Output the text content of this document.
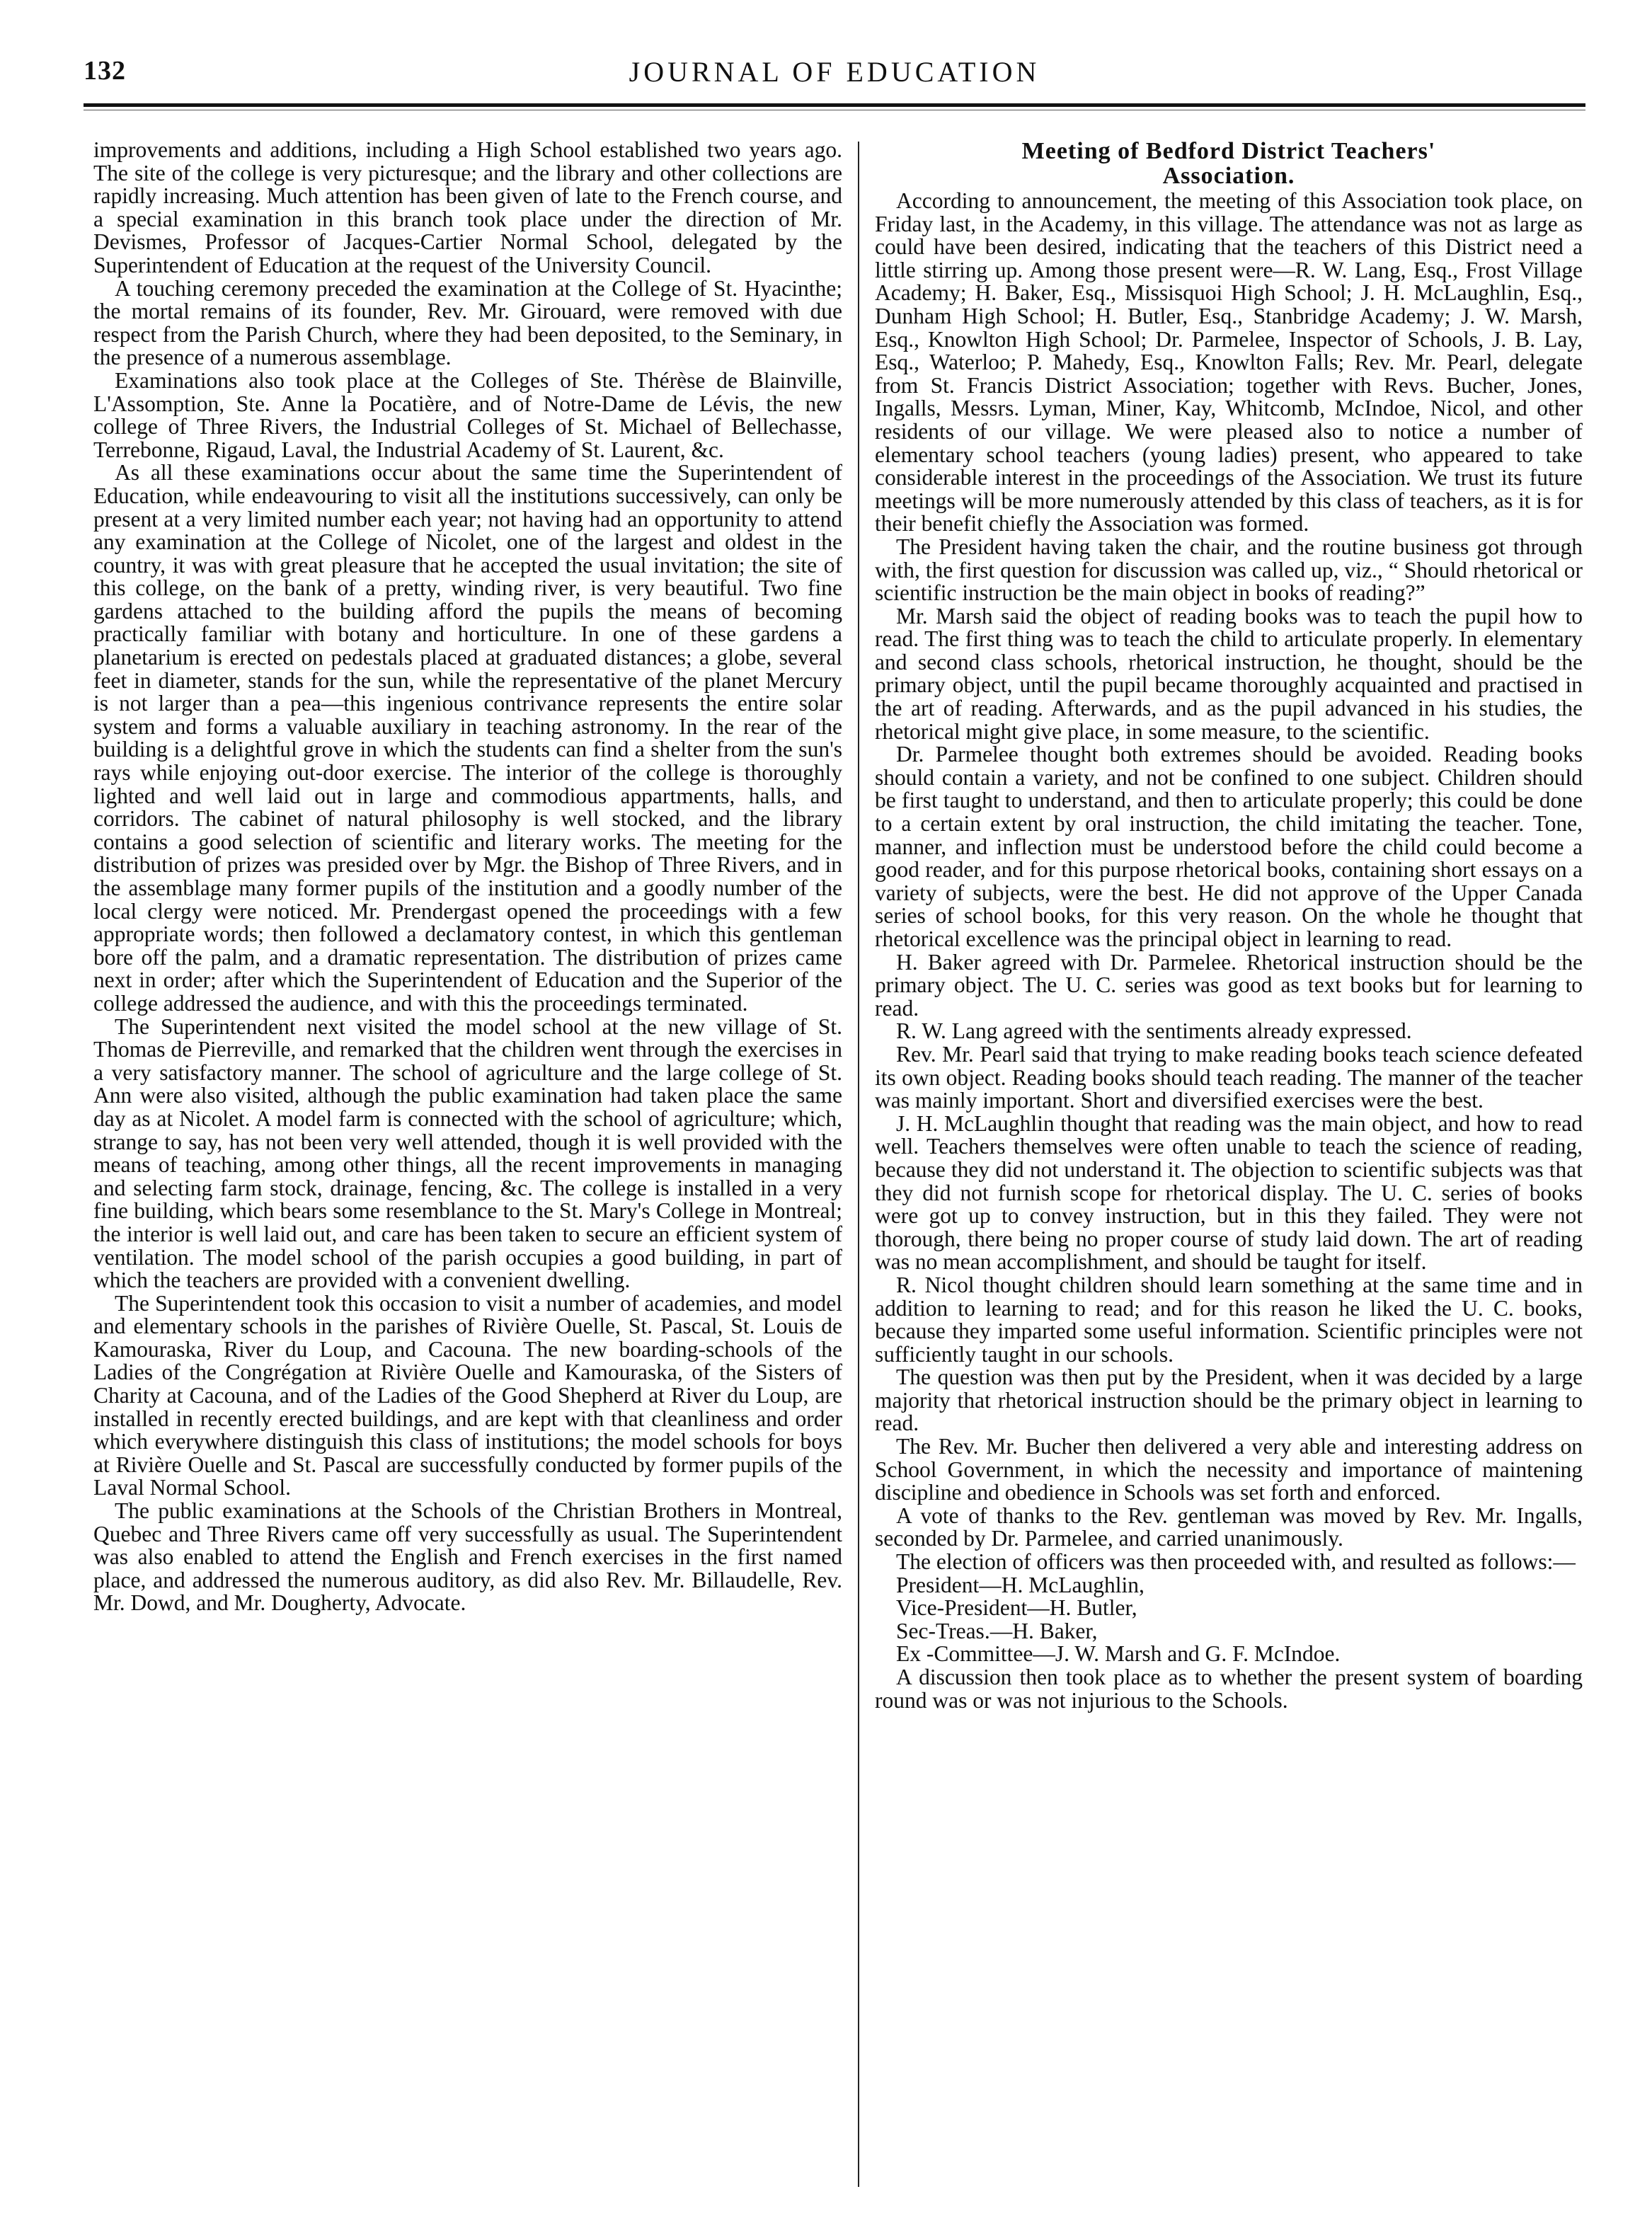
132	JOURNAL OF EDUCATION

improvements and additions, including a High School established two years ago. The site of the college is very picturesque; and the library and other collections are rapidly increasing. Much attention has been given of late to the French course, and a special examination in this branch took place under the direction of Mr. Devismes, Professor of Jacques-Cartier Normal School, delegated by the Superintendent of Education at the request of the University Council.

A touching ceremony preceded the examination at the College of St. Hyacinthe; the mortal remains of its founder, Rev. Mr. Girouard, were removed with due respect from the Parish Church, where they had been deposited, to the Seminary, in the presence of a numerous assemblage.

Examinations also took place at the Colleges of Ste. Thérèse de Blainville, L'Assomption, Ste. Anne la Pocatière, and of Notre-Dame de Lévis, the new college of Three Rivers, the Industrial Colleges of St. Michael of Bellechasse, Terrebonne, Rigaud, Laval, the Industrial Academy of St. Laurent, &c.

As all these examinations occur about the same time the Superintendent of Education, while endeavouring to visit all the institutions successively, can only be present at a very limited number each year; not having had an opportunity to attend any examination at the College of Nicolet, one of the largest and oldest in the country, it was with great pleasure that he accepted the usual invitation; the site of this college, on the bank of a pretty, winding river, is very beautiful. Two fine gardens attached to the building afford the pupils the means of becoming practically familiar with botany and horticulture. In one of these gardens a planetarium is erected on pedestals placed at graduated distances; a globe, several feet in diameter, stands for the sun, while the representative of the planet Mercury is not larger than a pea—this ingenious contrivance represents the entire solar system and forms a valuable auxiliary in teaching astronomy. In the rear of the building is a delightful grove in which the students can find a shelter from the sun's rays while enjoying out-door exercise. The interior of the college is thoroughly lighted and well laid out in large and commodious appartments, halls, and corridors. The cabinet of natural philosophy is well stocked, and the library contains a good selection of scientific and literary works. The meeting for the distribution of prizes was presided over by Mgr. the Bishop of Three Rivers, and in the assemblage many former pupils of the institution and a goodly number of the local clergy were noticed. Mr. Prendergast opened the proceedings with a few appropriate words; then followed a declamatory contest, in which this gentleman bore off the palm, and a dramatic representation. The distribution of prizes came next in order; after which the Superintendent of Education and the Superior of the college addressed the audience, and with this the proceedings terminated.

The Superintendent next visited the model school at the new village of St. Thomas de Pierreville, and remarked that the children went through the exercises in a very satisfactory manner. The school of agriculture and the large college of St. Ann were also visited, although the public examination had taken place the same day as at Nicolet. A model farm is connected with the school of agriculture; which, strange to say, has not been very well attended, though it is well provided with the means of teaching, among other things, all the recent improvements in managing and selecting farm stock, drainage, fencing, &c. The college is installed in a very fine building, which bears some resemblance to the St. Mary's College in Montreal; the interior is well laid out, and care has been taken to secure an efficient system of ventilation. The model school of the parish occupies a good building, in part of which the teachers are provided with a convenient dwelling.

The Superintendent took this occasion to visit a number of academies, and model and elementary schools in the parishes of Rivière Ouelle, St. Pascal, St. Louis de Kamouraska, River du Loup, and Cacouna. The new boarding-schools of the Ladies of the Congrégation at Rivière Ouelle and Kamouraska, of the Sisters of Charity at Cacouna, and of the Ladies of the Good Shepherd at River du Loup, are installed in recently erected buildings, and are kept with that cleanliness and order which everywhere distinguish this class of institutions; the model schools for boys at Rivière Ouelle and St. Pascal are successfully conducted by former pupils of the Laval Normal School.

The public examinations at the Schools of the Christian Brothers in Montreal, Quebec and Three Rivers came off very successfully as usual. The Superintendent was also enabled to attend the English and French exercises in the first named place, and addressed the numerous auditory, as did also Rev. Mr. Billaudelle, Rev. Mr. Dowd, and Mr. Dougherty, Advocate.

Meeting of Bedford District Teachers'
Association.

According to announcement, the meeting of this Association took place, on Friday last, in the Academy, in this village. The attendance was not as large as could have been desired, indicating that the teachers of this District need a little stirring up. Among those present were—R. W. Lang, Esq., Frost Village Academy; H. Baker, Esq., Missisquoi High School; J. H. McLaughlin, Esq., Dunham High School; H. Butler, Esq., Stanbridge Academy; J. W. Marsh, Esq., Knowlton High School; Dr. Parmelee, Inspector of Schools, J. B. Lay, Esq., Waterloo; P. Mahedy, Esq., Knowlton Falls; Rev. Mr. Pearl, delegate from St. Francis District Association; together with Revs. Bucher, Jones, Ingalls, Messrs. Lyman, Miner, Kay, Whitcomb, McIndoe, Nicol, and other residents of our village. We were pleased also to notice a number of elementary school teachers (young ladies) present, who appeared to take considerable interest in the proceedings of the Association. We trust its future meetings will be more numerously attended by this class of teachers, as it is for their benefit chiefly the Association was formed.

The President having taken the chair, and the routine business got through with, the first question for discussion was called up, viz., “ Should rhetorical or scientific instruction be the main object in books of reading?”

Mr. Marsh said the object of reading books was to teach the pupil how to read. The first thing was to teach the child to articulate properly. In elementary and second class schools, rhetorical instruction, he thought, should be the primary object, until the pupil became thoroughly acquainted and practised in the art of reading. Afterwards, and as the pupil advanced in his studies, the rhetorical might give place, in some measure, to the scientific.

Dr. Parmelee thought both extremes should be avoided. Reading books should contain a variety, and not be confined to one subject. Children should be first taught to understand, and then to articulate properly; this could be done to a certain extent by oral instruction, the child imitating the teacher. Tone, manner, and inflection must be understood before the child could become a good reader, and for this purpose rhetorical books, containing short essays on a variety of subjects, were the best. He did not approve of the Upper Canada series of school books, for this very reason. On the whole he thought that rhetorical excellence was the principal object in learning to read.

H. Baker agreed with Dr. Parmelee. Rhetorical instruction should be the primary object. The U. C. series was good as text books but for learning to read.

R. W. Lang agreed with the sentiments already expressed.

Rev. Mr. Pearl said that trying to make reading books teach science defeated its own object. Reading books should teach reading. The manner of the teacher was mainly important. Short and diversified exercises were the best.

J. H. McLaughlin thought that reading was the main object, and how to read well. Teachers themselves were often unable to teach the science of reading, because they did not understand it. The objection to scientific subjects was that they did not furnish scope for rhetorical display. The U. C. series of books were got up to convey instruction, but in this they failed. They were not thorough, there being no proper course of study laid down. The art of reading was no mean accomplishment, and should be taught for itself.

R. Nicol thought children should learn something at the same time and in addition to learning to read; and for this reason he liked the U. C. books, because they imparted some useful information. Scientific principles were not sufficiently taught in our schools.

The question was then put by the President, when it was decided by a large majority that rhetorical instruction should be the primary object in learning to read.

The Rev. Mr. Bucher then delivered a very able and interesting address on School Government, in which the necessity and importance of maintening discipline and obedience in Schools was set forth and enforced.

A vote of thanks to the Rev. gentleman was moved by Rev. Mr. Ingalls, seconded by Dr. Parmelee, and carried unanimously.

The election of officers was then proceeded with, and resulted as follows:—

President—H. McLaughlin,

Vice-President—H. Butler,

Sec-Treas.—H. Baker,

Ex -Committee—J. W. Marsh and G. F. McIndoe.

A discussion then took place as to whether the present system of boarding round was or was not injurious to the Schools.
